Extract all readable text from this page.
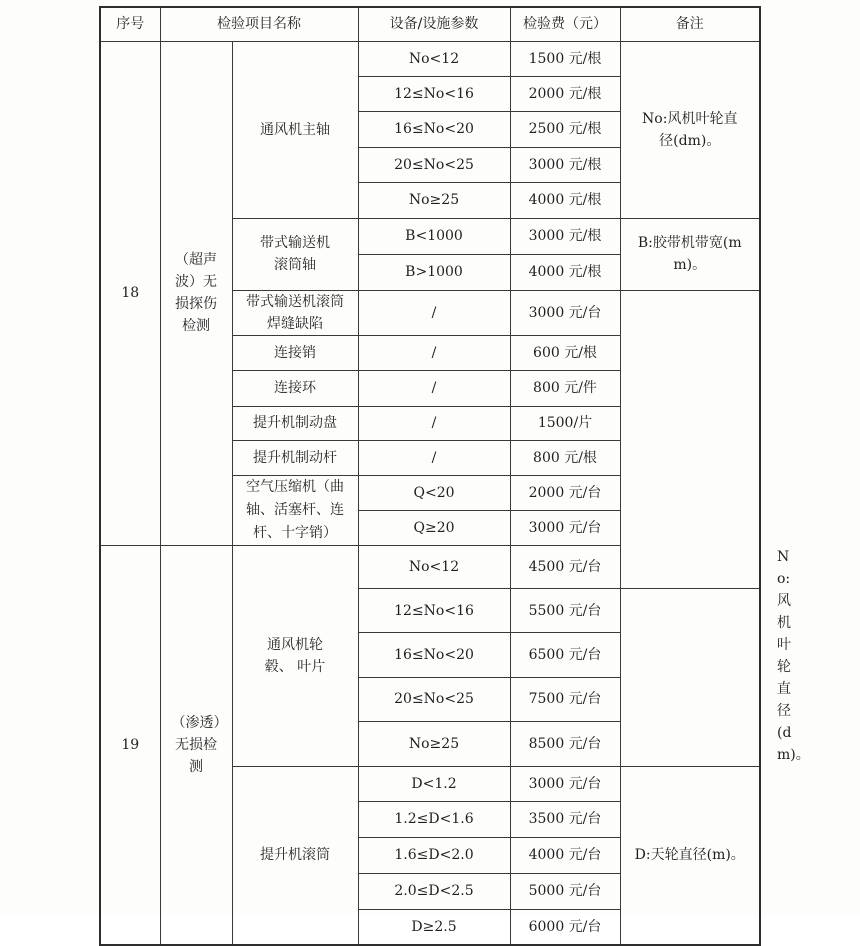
序号	检验项目名称		设备/设施参数	检验费（元）	备注	
18	（超声波）无损探伤检测	通风机主轴	No<12	1500 元/根	No:风机叶轮直径(dm)。	
			12≤No<16	2000 元/根		
			16≤No<20	2500 元/根		
			20≤No<25	3000 元/根		
			No≥25	4000 元/根		
		带式输送机滚筒轴	B<1000	3000 元/根	B:胶带机带宽(mm)。	
			B>1000	4000 元/根		
		带式输送机滚筒焊缝缺陷	/	3000 元/台		
		连接销	/	600 元/根		
		连接环	/	800 元/件		
		提升机制动盘	/	1500/片		
		提升机制动杆	/	800 元/根		
		空气压缩机（曲轴、活塞杆、连杆、十字销）	Q<20	2000 元/台		
			Q≥20	3000 元/台		
19	（渗透）无损检测	通风机轮毂、 叶片	No<12	4500 元/台		No:风机叶轮直径(dm)。
			12≤No<16	5500 元/台		
			16≤No<20	6500 元/台		
			20≤No<25	7500 元/台		
			No≥25	8500 元/台		
		提升机滚筒	D<1.2	3000 元/台	D:天轮直径(m)。	
			1.2≤D<1.6	3500 元/台		
			1.6≤D<2.0	4000 元/台		
			2.0≤D<2.5	5000 元/台		
			D≥2.5	6000 元/台		
